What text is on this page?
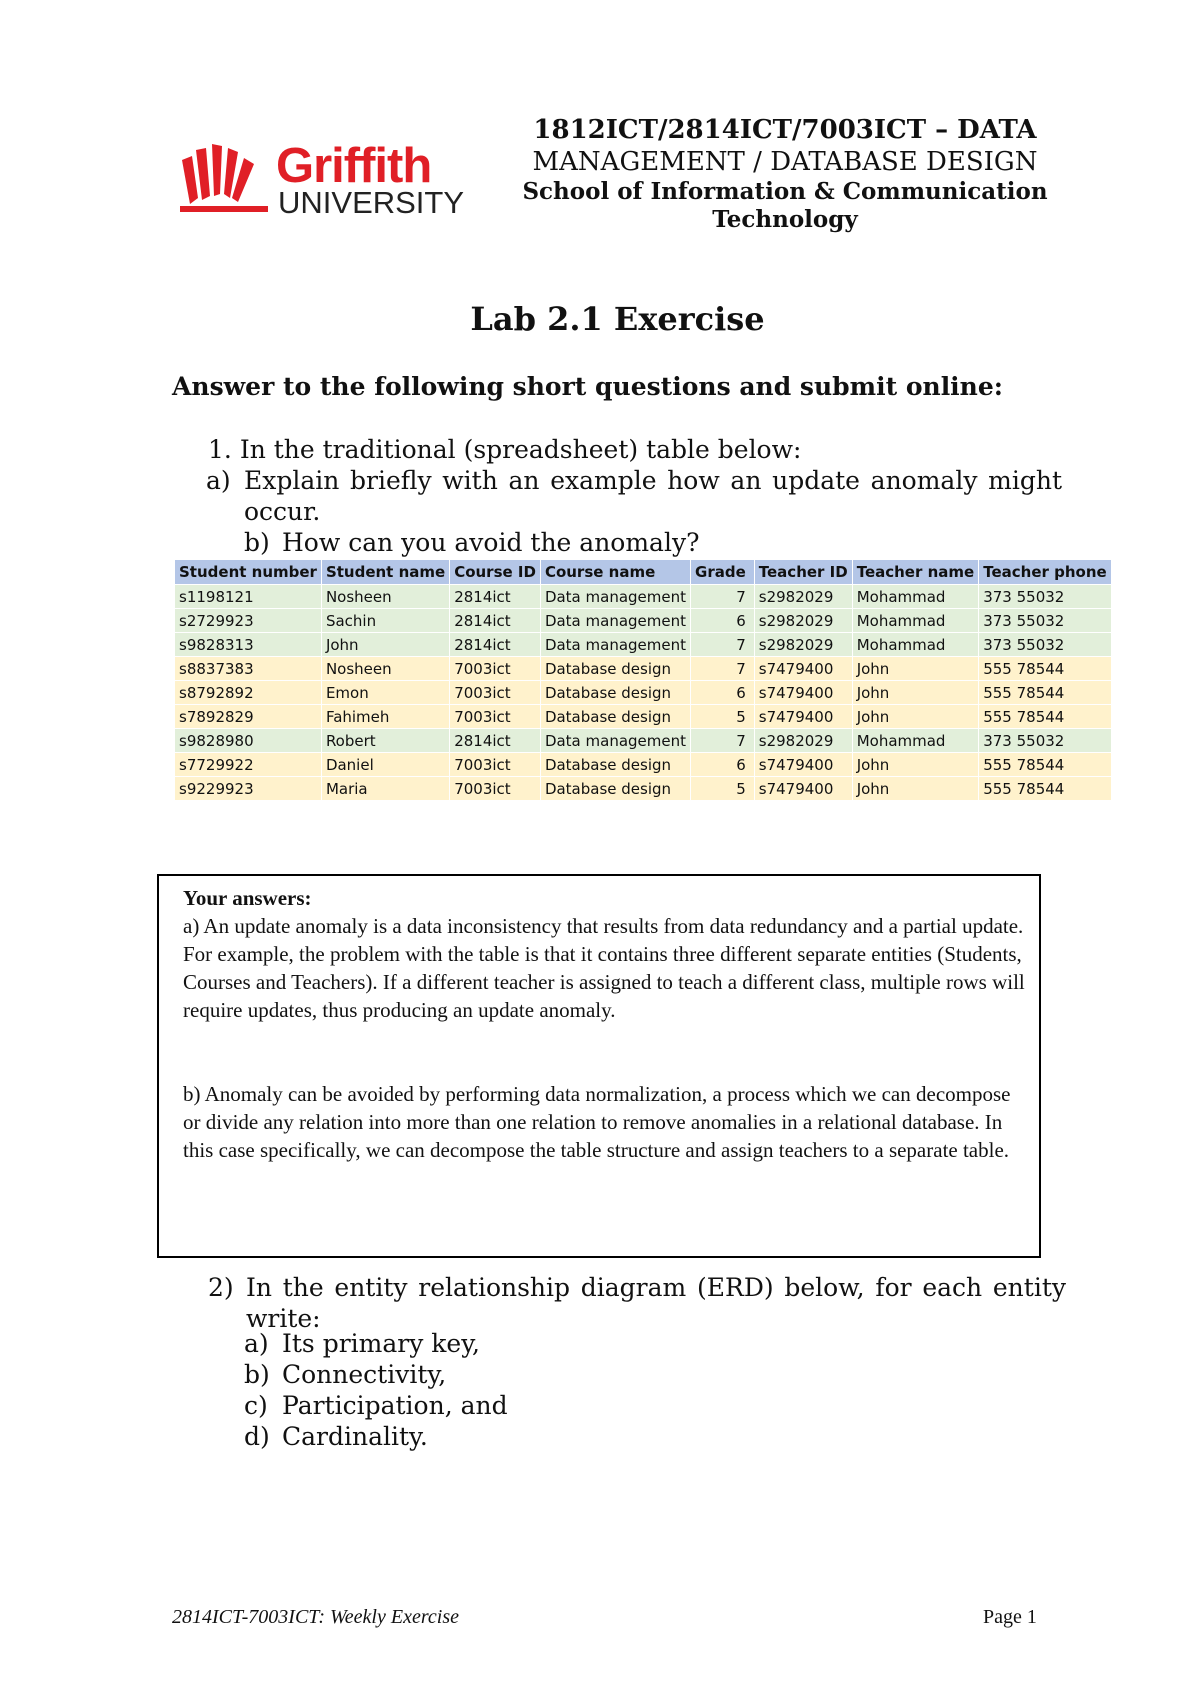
Griffith
UNIVERSITY
1812ICT/2814ICT/7003ICT – DATA
MANAGEMENT / DATABASE DESIGN
School of Information & Communication Technology
Lab 2.1 Exercise
Answer to the following short questions and submit online:
1. In the traditional (spreadsheet) table below:
a) Explain briefly with an example how an update anomaly might occur.
b) How can you avoid the anomaly?
Student number	Student name	Course ID	Course name	Grade	Teacher ID	Teacher name	Teacher phone
s1198121	Nosheen	2814ict	Data management	7	s2982029	Mohammad	373 55032
s2729923	Sachin	2814ict	Data management	6	s2982029	Mohammad	373 55032
s9828313	John	2814ict	Data management	7	s2982029	Mohammad	373 55032
s8837383	Nosheen	7003ict	Database design	7	s7479400	John	555 78544
s8792892	Emon	7003ict	Database design	6	s7479400	John	555 78544
s7892829	Fahimeh	7003ict	Database design	5	s7479400	John	555 78544
s9828980	Robert	2814ict	Data management	7	s2982029	Mohammad	373 55032
s7729922	Daniel	7003ict	Database design	6	s7479400	John	555 78544
s9229923	Maria	7003ict	Database design	5	s7479400	John	555 78544

Your answers:

a) An update anomaly is a data inconsistency that results from data redundancy and a partial update. For example, the problem with the table is that it contains three different separate entities (Students, Courses and Teachers). If a different teacher is assigned to teach a different class, multiple rows will require updates, thus producing an update anomaly.

b) Anomaly can be avoided by performing data normalization, a process which we can decompose or divide any relation into more than one relation to remove anomalies in a relational database. In this case specifically, we can decompose the table structure and assign teachers to a separate table.

2) In the entity relationship diagram (ERD) below, for each entity write:
a) Its primary key,
b) Connectivity,
c) Participation, and
d) Cardinality.
2814ICT-7003ICT: Weekly Exercise	Page 1
